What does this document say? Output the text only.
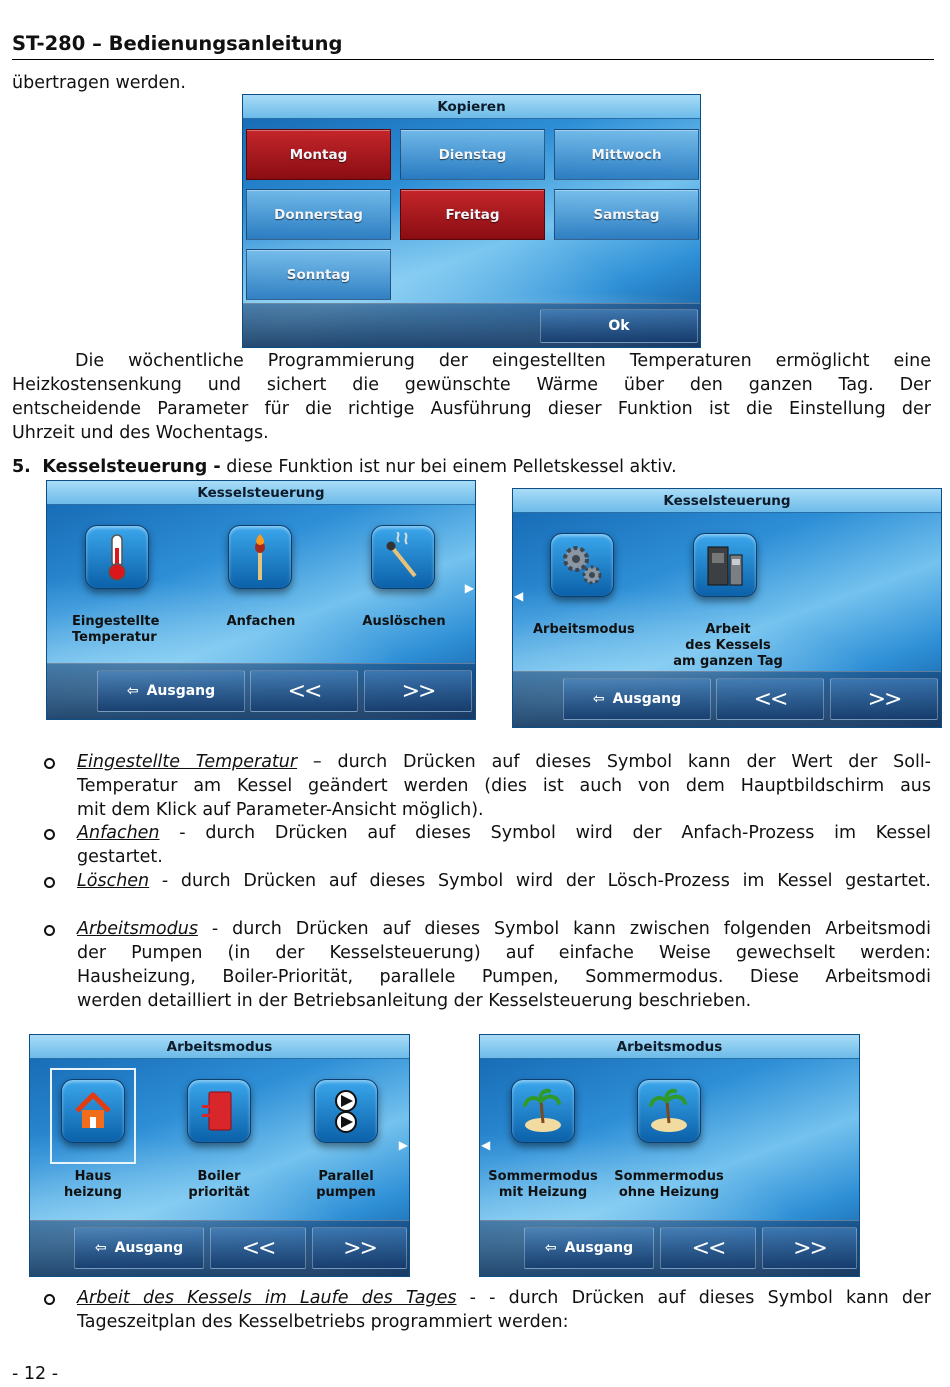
ST-280 – Bedienungsanleitung
übertragen werden.
Kopieren
Montag	Dienstag	Mittwoch
Donnerstag	Freitag	Samstag
Sonntag
Ok
Die wöchentliche Programmierung der eingestellten Temperaturen ermöglicht eine
Heizkostensenkung und sichert die gewünschte Wärme über den ganzen Tag. Der
entscheidende Parameter für die richtige Ausführung dieser Funktion ist die Einstellung der
Uhrzeit und des Wochentags.
5. Kesselsteuerung - diese Funktion ist nur bei einem Pelletskessel aktiv.
Kesselsteuerung
Eingestellte
Temperatur
Anfachen	Auslöschen
▶
⇦ Ausgang	<<	>>
Kesselsteuerung
Arbeitsmodus	Arbeit
des Kessels
am ganzen Tag
◀
⇦ Ausgang	<<	>>
Eingestellte Temperatur – durch Drücken auf dieses Symbol kann der Wert der Soll-
Temperatur am Kessel geändert werden (dies ist auch von dem Hauptbildschirm aus
mit dem Klick auf Parameter-Ansicht möglich).
Anfachen - durch Drücken auf dieses Symbol wird der Anfach-Prozess im Kessel
gestartet.
Löschen - durch Drücken auf dieses Symbol wird der Lösch-Prozess im Kessel gestartet.
Arbeitsmodus - durch Drücken auf dieses Symbol kann zwischen folgenden Arbeitsmodi
der Pumpen (in der Kesselsteuerung) auf einfache Weise gewechselt werden:
Hausheizung, Boiler-Priorität, parallele Pumpen, Sommermodus. Diese Arbeitsmodi
werden detailliert in der Betriebsanleitung der Kesselsteuerung beschrieben.
Arbeitsmodus
Haus
heizung
Boiler
priorität
Parallel
pumpen
▶
⇦ Ausgang	<<	>>
Arbeitsmodus
Sommermodus
mit Heizung
Sommermodus
ohne Heizung
◀
⇦ Ausgang	<<	>>
Arbeit des Kessels im Laufe des Tages - - durch Drücken auf dieses Symbol kann der
Tageszeitplan des Kesselbetriebs programmiert werden:
- 12 -
